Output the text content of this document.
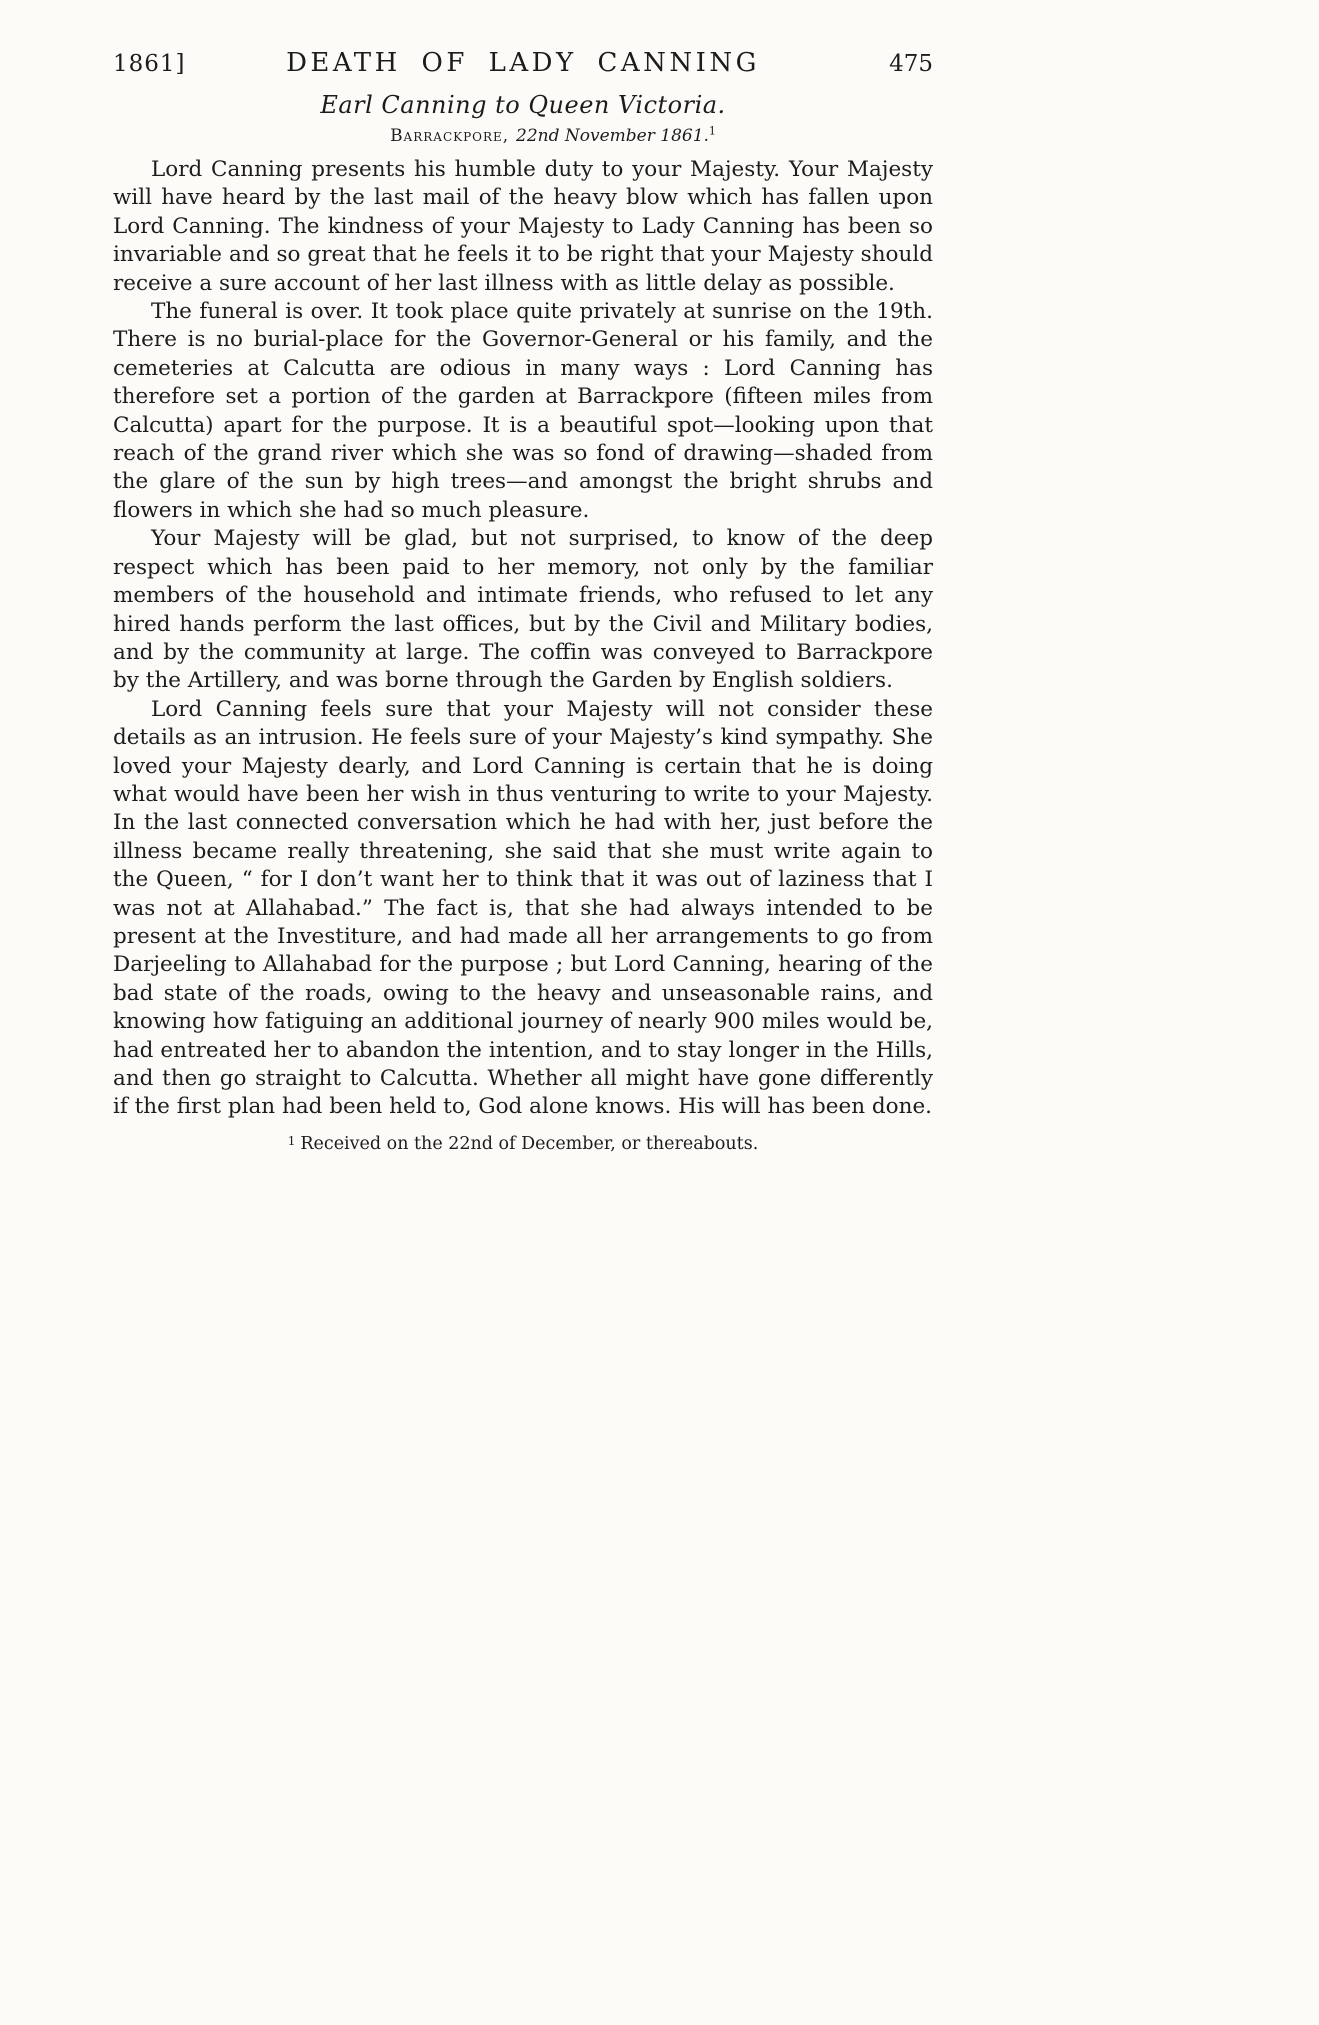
1861]	DEATH OF LADY CANNING	475
Earl Canning to Queen Victoria.
Barrackpore, 22nd November 1861.$^1$

Lord Canning presents his humble duty to your Majesty. Your Majesty will have heard by the last mail of the heavy blow which has fallen upon Lord Canning. The kindness of your Majesty to Lady Canning has been so invariable and so great that he feels it to be right that your Majesty should receive a sure account of her last illness with as little delay as possible.

The funeral is over. It took place quite privately at sunrise on the 19th. There is no burial-place for the Governor-General or his family, and the cemeteries at Calcutta are odious in many ways : Lord Canning has therefore set a portion of the garden at Barrackpore (fifteen miles from Calcutta) apart for the purpose. It is a beautiful spot—looking upon that reach of the grand river which she was so fond of drawing—shaded from the glare of the sun by high trees—and amongst the bright shrubs and flowers in which she had so much pleasure.

Your Majesty will be glad, but not surprised, to know of the deep respect which has been paid to her memory, not only by the familiar members of the household and intimate friends, who refused to let any hired hands perform the last offices, but by the Civil and Military bodies, and by the community at large. The coffin was conveyed to Barrackpore by the Artillery, and was borne through the Garden by English soldiers.

Lord Canning feels sure that your Majesty will not consider these details as an intrusion. He feels sure of your Majesty’s kind sympathy. She loved your Majesty dearly, and Lord Canning is certain that he is doing what would have been her wish in thus venturing to write to your Majesty. In the last connected conversation which he had with her, just before the illness became really threatening, she said that she must write again to the Queen, “ for I don’t want her to think that it was out of laziness that I was not at Allahabad.” The fact is, that she had always intended to be present at the Investiture, and had made all her arrangements to go from Darjeeling to Allahabad for the purpose ; but Lord Canning, hearing of the bad state of the roads, owing to the heavy and unseasonable rains, and knowing how fatiguing an additional journey of nearly 900 miles would be, had entreated her to abandon the intention, and to stay longer in the Hills, and then go straight to Calcutta. Whether all might have gone differently if the first plan had been held to, God alone knows. His will has been done.

$^1$ Received on the 22nd of December, or thereabouts.
